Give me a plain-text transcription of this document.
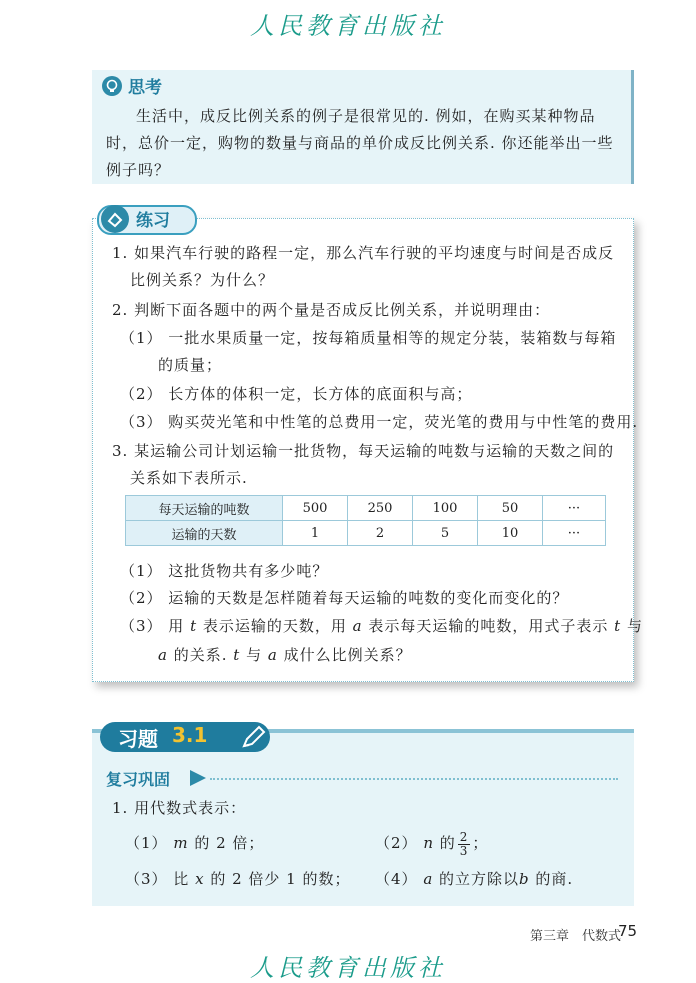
人民教育出版社
思考
生活中，成反比例关系的例子是很常见的. 例如，在购买某种物品时，总价一定，购物的数量与商品的单价成反比例关系. 你还能举出一些例子吗？
练习
1. 如果汽车行驶的路程一定，那么汽车行驶的平均速度与时间是否成反
比例关系？为什么？
2. 判断下面各题中的两个量是否成反比例关系，并说明理由：
（1） 一批水果质量一定，按每箱质量相等的规定分装，装箱数与每箱
的质量；
（2） 长方体的体积一定，长方体的底面积与高；
（3） 购买荧光笔和中性笔的总费用一定，荧光笔的费用与中性笔的费用.
3. 某运输公司计划运输一批货物，每天运输的吨数与运输的天数之间的
关系如下表所示.
每天运输的吨数	500	250	100	50	···
运输的天数	1	2	5	10	···
（1） 这批货物共有多少吨？
（2） 运输的天数是怎样随着每天运输的吨数的变化而变化的？
（3） 用 t 表示运输的天数，用 a 表示每天运输的吨数，用式子表示 t 与
a 的关系. t 与 a 成什么比例关系？
习题 3.1
复习巩固
1. 用代数式表示：
（1） m 的 2 倍；	（2） n 的 $\frac{2}{3}$ ；
（3） 比 x 的 2 倍少 1 的数； （4） a 的立方除以b 的商.
第三章　代数式
75
人民教育出版社
